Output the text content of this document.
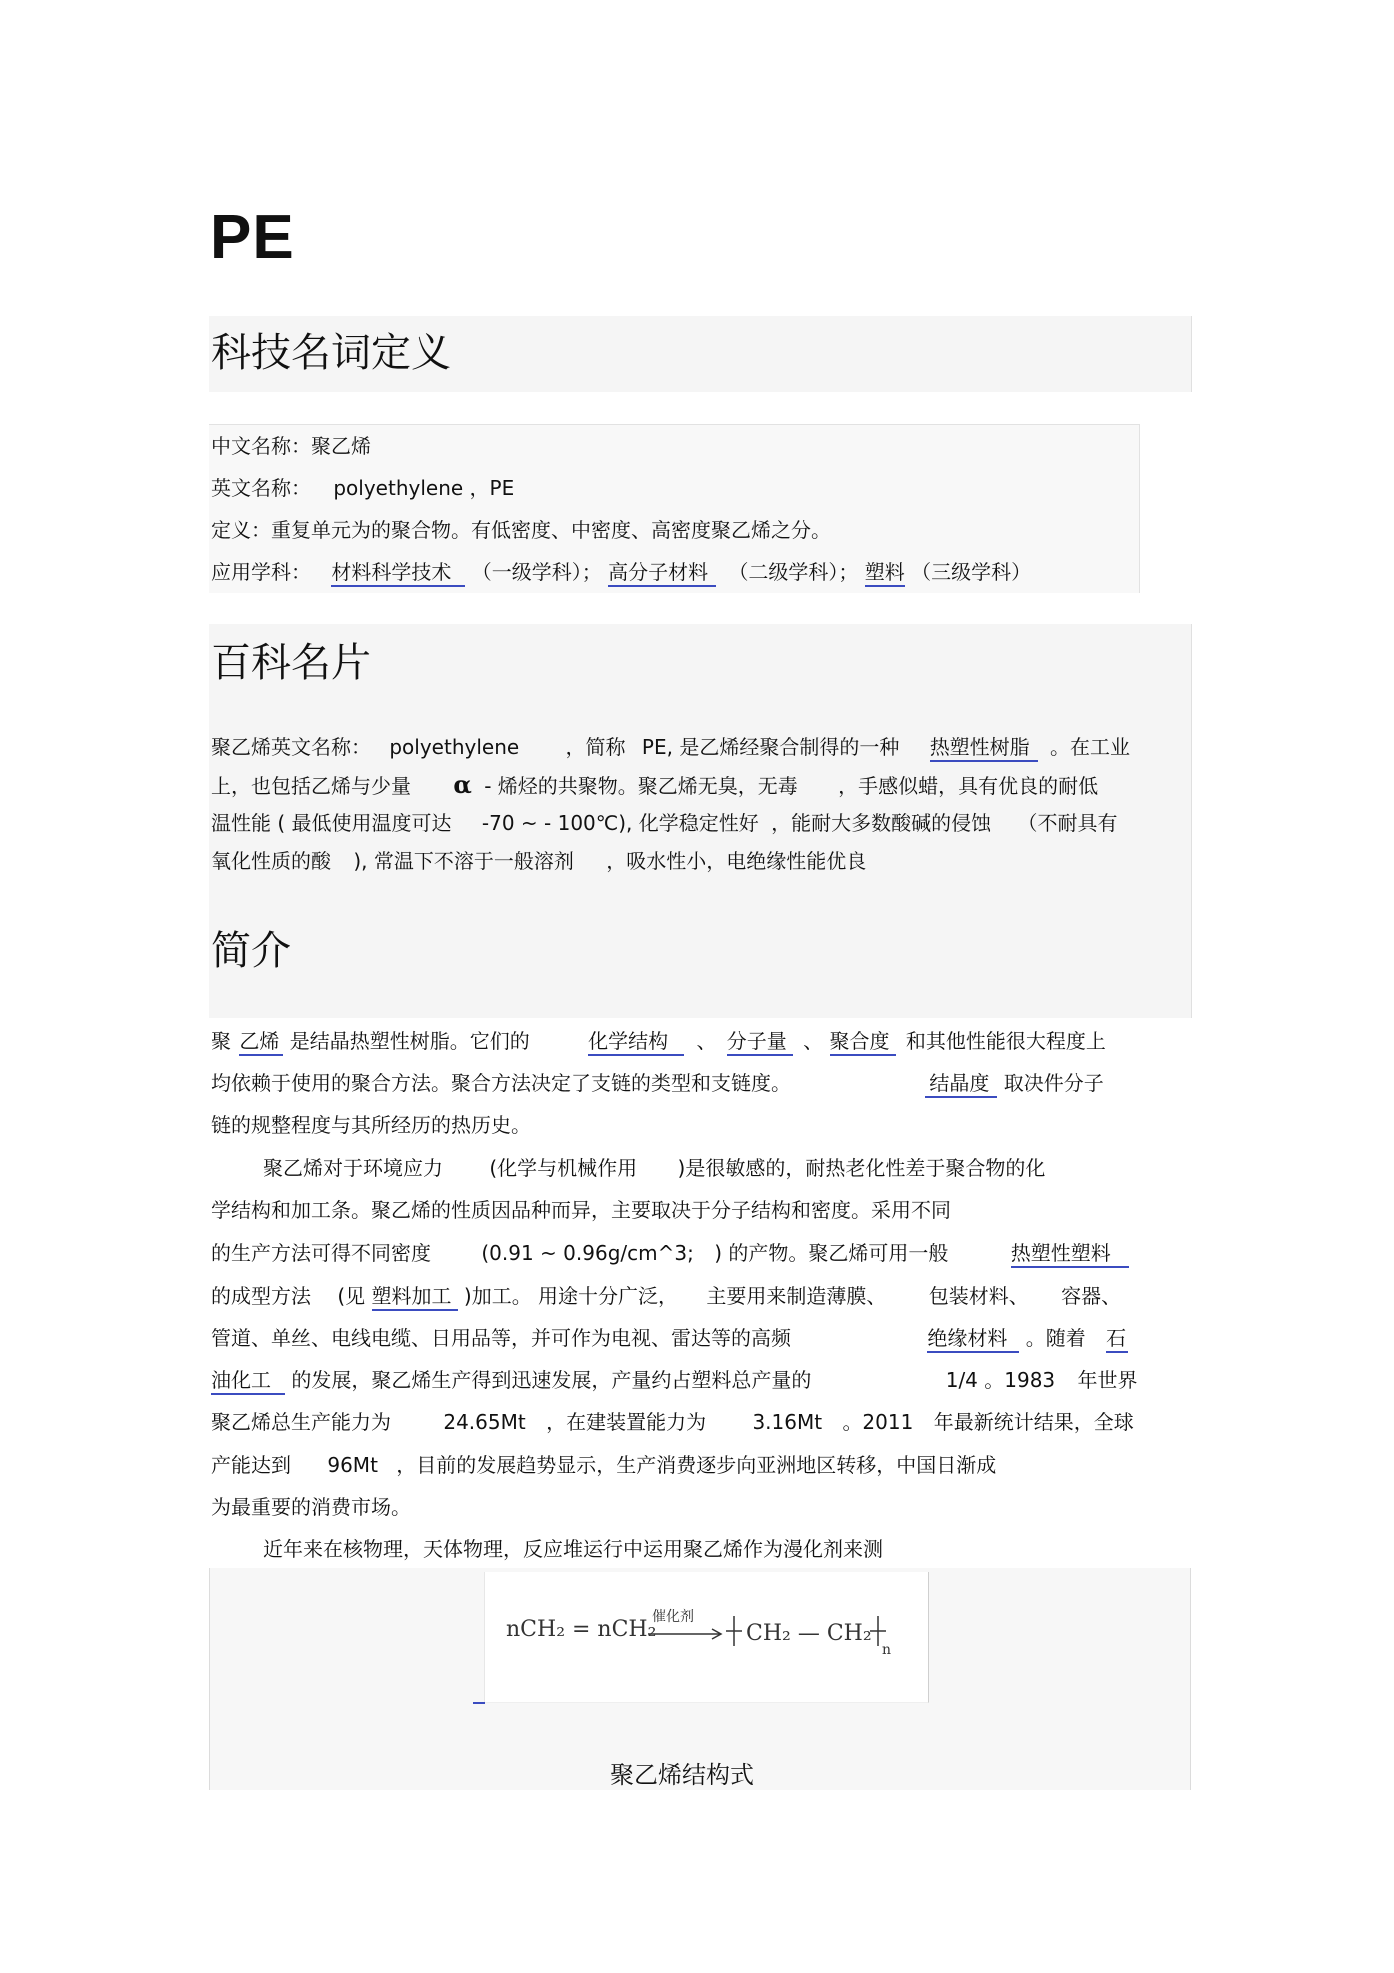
PE
科技名词定义
中文名称：聚乙烯
英文名称： polyethylene ，PE
定义：重复单元为的聚合物。有低密度、中密度、高密度聚乙烯之分。
应用学科： 材料科学技术 （一级学科）； 高分子材料 （二级学科）； 塑料 （三级学科）
百科名片
聚乙烯英文名称： polyethylene ，简称 PE, 是乙烯经聚合制得的一种 热塑性树脂 。在工业
上，也包括乙烯与少量 α - 烯烃的共聚物。聚乙烯无臭，无毒 ，手感似蜡，具有优良的耐低
温性能 ( 最低使用温度可达 -70 ~ - 100℃), 化学稳定性好 ，能耐大多数酸碱的侵蚀 （不耐具有
氧化性质的酸 ), 常温下不溶于一般溶剂 ，吸水性小，电绝缘性能优良
简介
聚 乙烯 是结晶热塑性树脂。它们的	化学结构 、 分子量 、 聚合度 和其他性能很大程度上
均依赖于使用的聚合方法。聚合方法决定了支链的类型和支链度。	结晶度 取决件分子
链的规整程度与其所经历的热历史。
聚乙烯对于环境应力 (化学与机械作用 )是很敏感的，耐热老化性差于聚合物的化
学结构和加工条。聚乙烯的性质因品种而异，主要取决于分子结构和密度。采用不同
的生产方法可得不同密度	(0.91 ~ 0.96g/cm^3; ) 的产物。聚乙烯可用一般	热塑性塑料
的成型方法 (见 塑料加工 )加工。 用途十分广泛， 主要用来制造薄膜、 包装材料、 容器、
管道、单丝、电线电缆、日用品等，并可作为电视、雷达等的高频	绝缘材料 。随着 石
油化工 的发展，聚乙烯生产得到迅速发展，产量约占塑料总产量的	1/4 。1983 年世界
聚乙烯总生产能力为	24.65Mt ，在建装置能力为 3.16Mt 。2011 年最新统计结果，全球
产能达到 96Mt ，目前的发展趋势显示，生产消费逐步向亚洲地区转移，中国日渐成
为最重要的消费市场。
近年来在核物理，天体物理，反应堆运行中运用聚乙烯作为漫化剂来测
nCH₂ = nCH₂
催化剂
CH₂ — CH₂
n
聚乙烯结构式
